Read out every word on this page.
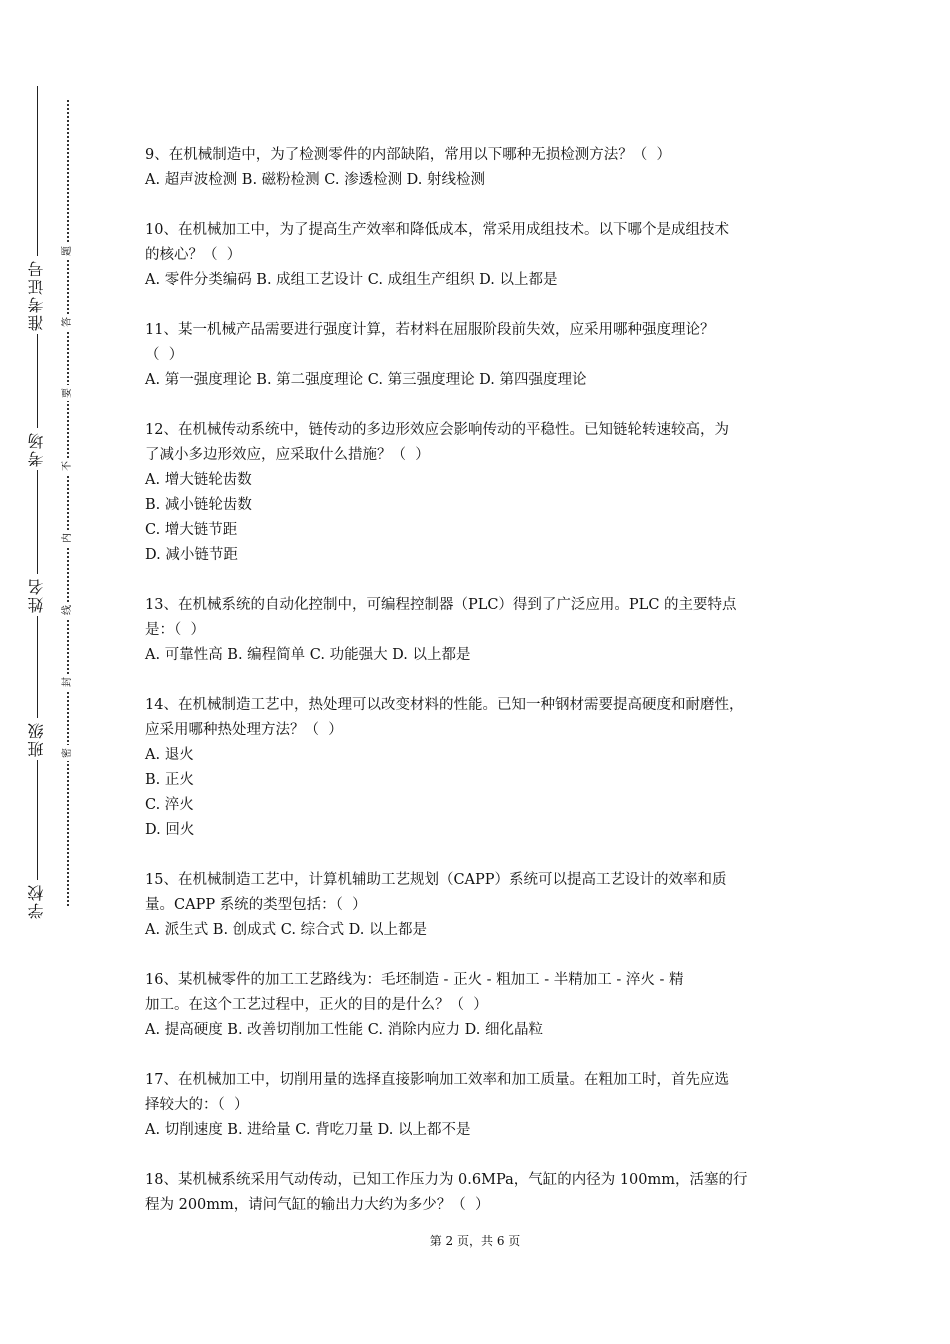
准考证号
考场
姓名
班级
学校
题
答
要
不
内
线
封
密
9、在机械制造中，为了检测零件的内部缺陷，常用以下哪种无损检测方法？（  ）
A. 超声波检测 B. 磁粉检测 C. 渗透检测 D. 射线检测
10、在机械加工中，为了提高生产效率和降低成本，常采用成组技术。以下哪个是成组技术
的核心？（  ）
A. 零件分类编码 B. 成组工艺设计 C. 成组生产组织 D. 以上都是
11、某一机械产品需要进行强度计算，若材料在屈服阶段前失效，应采用哪种强度理论？
（  ）
A. 第一强度理论 B. 第二强度理论 C. 第三强度理论 D. 第四强度理论
12、在机械传动系统中，链传动的多边形效应会影响传动的平稳性。已知链轮转速较高，为
了减小多边形效应，应采取什么措施？（  ）
A. 增大链轮齿数
B. 减小链轮齿数
C. 增大链节距
D. 减小链节距
13、在机械系统的自动化控制中，可编程控制器（PLC）得到了广泛应用。PLC 的主要特点
是：（  ）
A. 可靠性高 B. 编程简单 C. 功能强大 D. 以上都是
14、在机械制造工艺中，热处理可以改变材料的性能。已知一种钢材需要提高硬度和耐磨性，
应采用哪种热处理方法？（  ）
A. 退火
B. 正火
C. 淬火
D. 回火
15、在机械制造工艺中，计算机辅助工艺规划（CAPP）系统可以提高工艺设计的效率和质
量。CAPP 系统的类型包括：（  ）
A. 派生式 B. 创成式 C. 综合式 D. 以上都是
16、某机械零件的加工工艺路线为：毛坯制造 - 正火 - 粗加工 - 半精加工 - 淬火 - 精
加工。在这个工艺过程中，正火的目的是什么？（  ）
A. 提高硬度 B. 改善切削加工性能 C. 消除内应力 D. 细化晶粒
17、在机械加工中，切削用量的选择直接影响加工效率和加工质量。在粗加工时，首先应选
择较大的：（  ）
A. 切削速度 B. 进给量 C. 背吃刀量 D. 以上都不是
18、某机械系统采用气动传动，已知工作压力为 0.6MPa，气缸的内径为 100mm，活塞的行
程为 200mm，请问气缸的输出力大约为多少？（  ）
第 2 页，共 6 页
